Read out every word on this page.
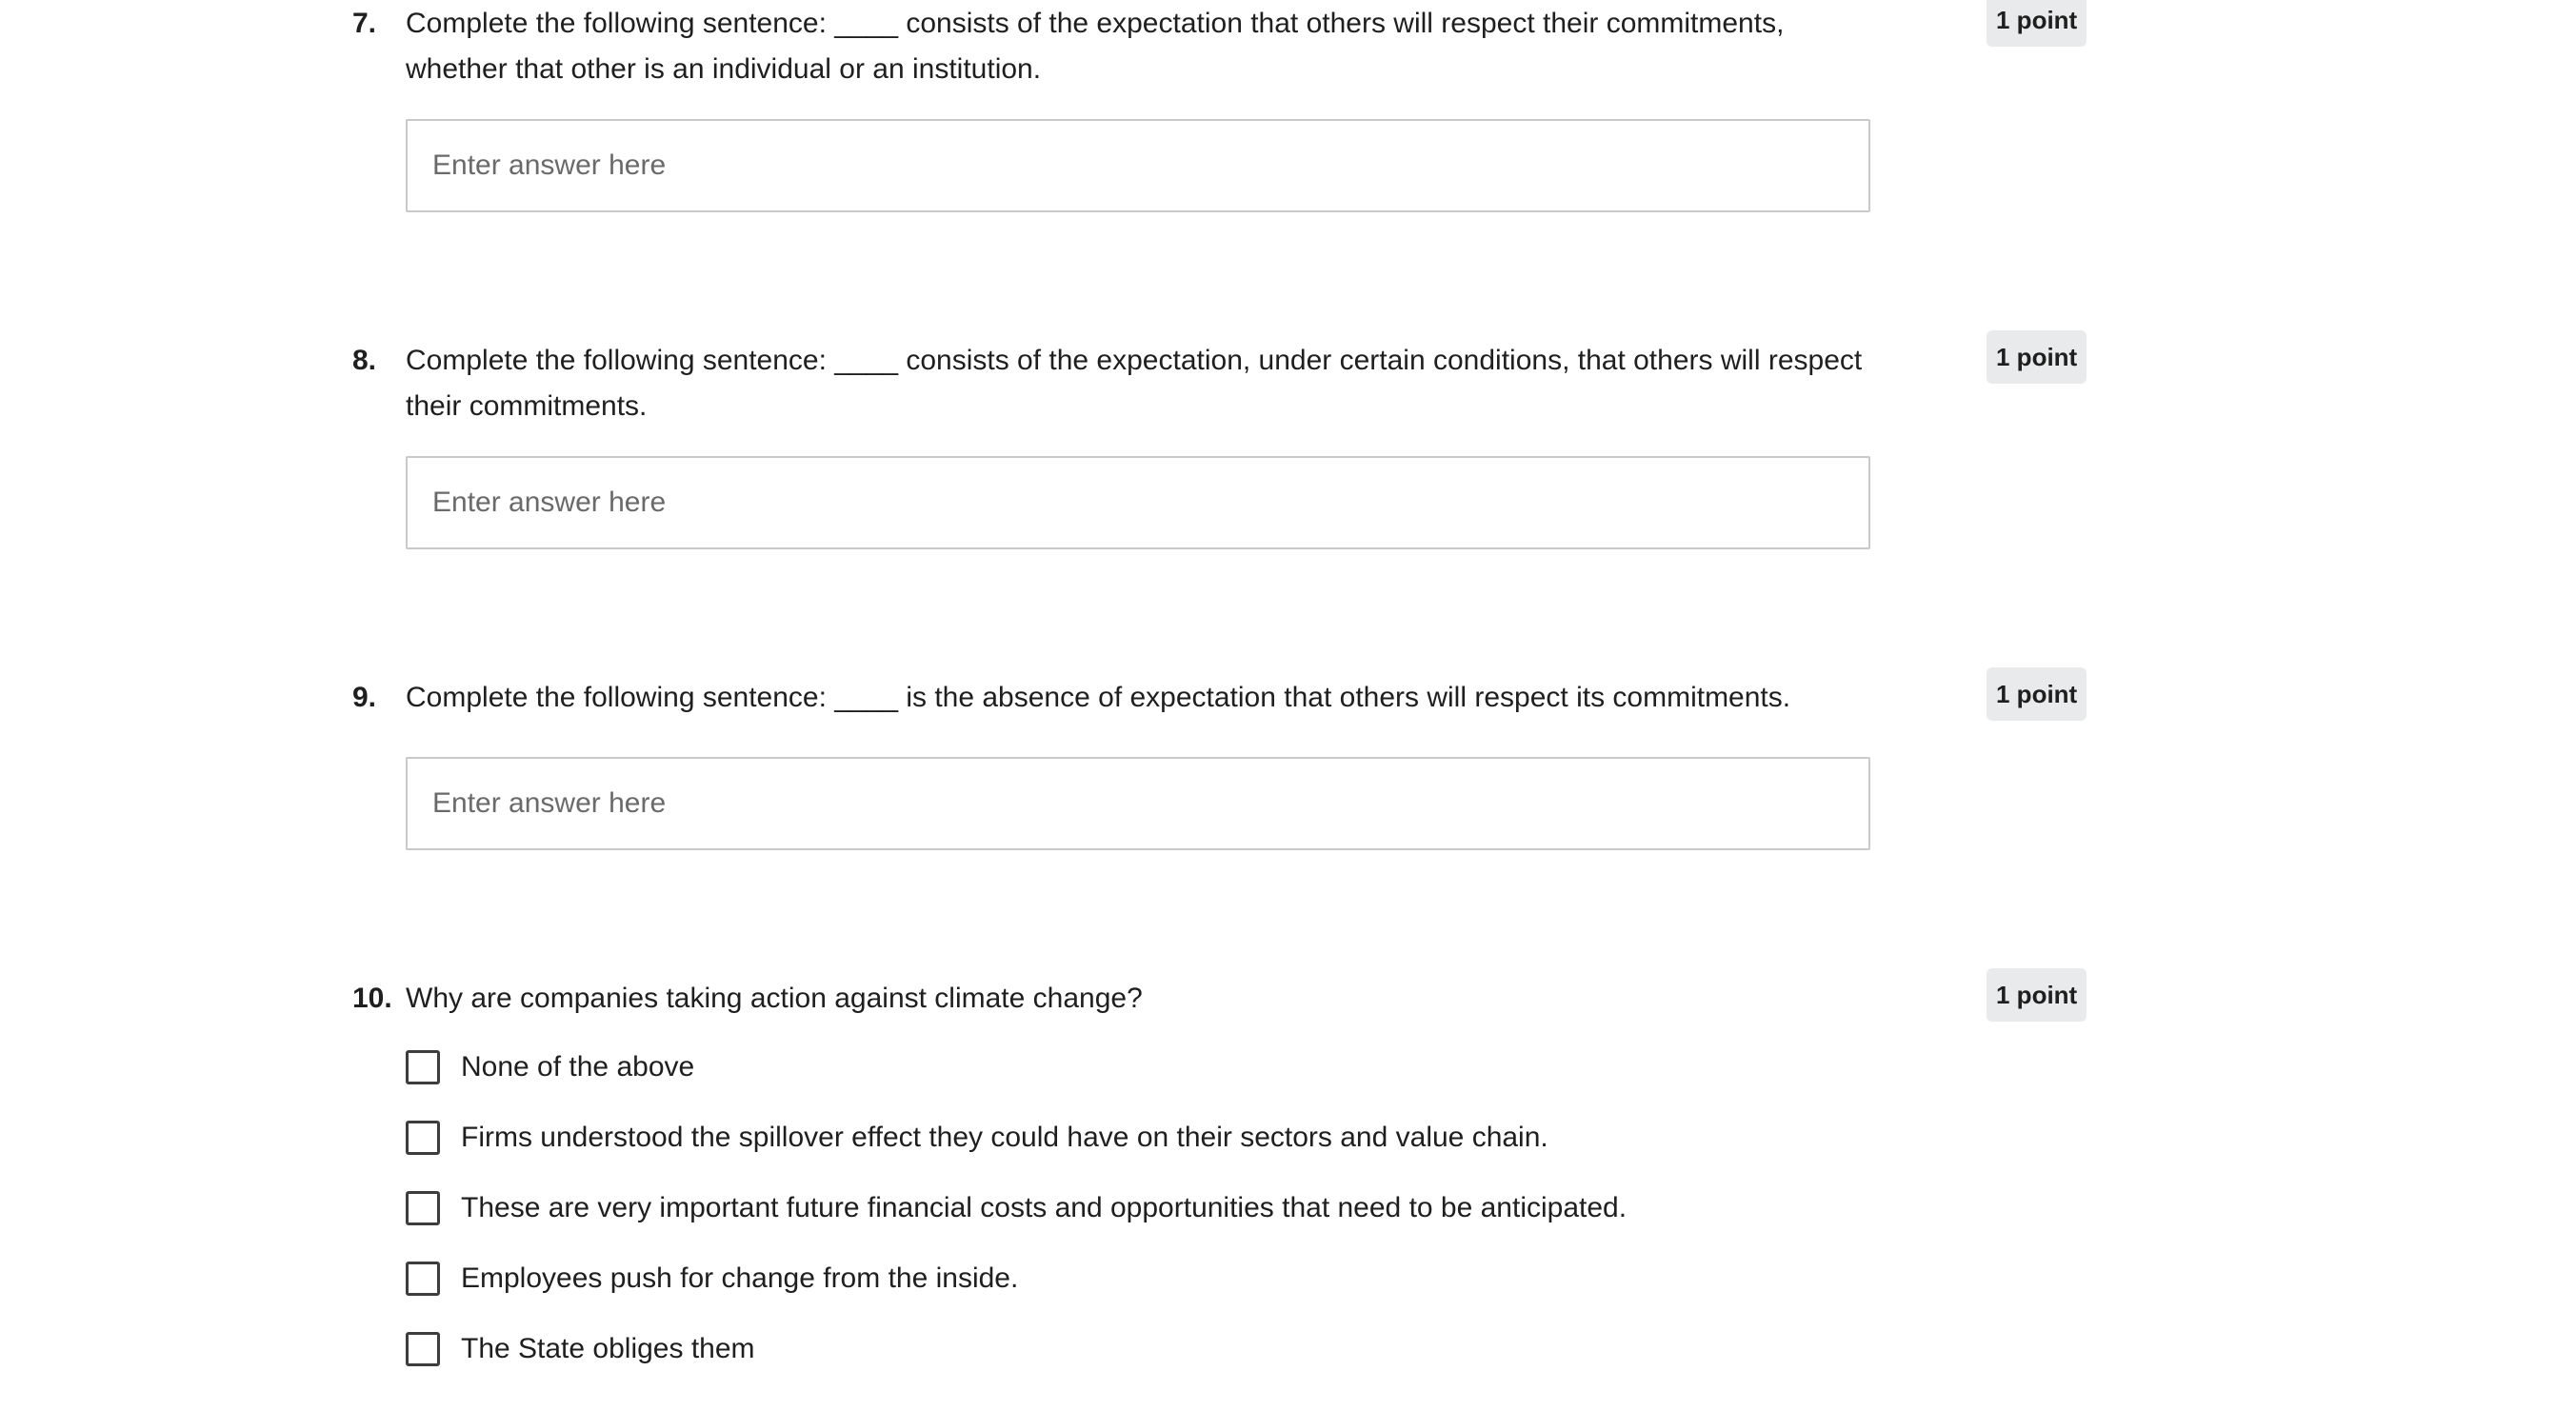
7. Complete the following sentence: ____ consists of the expectation that others will respect their commitments, whether that other is an individual or an institution.
1 point
Enter answer here
8. Complete the following sentence: ____ consists of the expectation, under certain conditions, that others will respect their commitments.
1 point
Enter answer here
9. Complete the following sentence: ____ is the absence of expectation that others will respect its commitments.	1 point
Enter answer here
10. Why are companies taking action against climate change?	1 point
None of the above
Firms understood the spillover effect they could have on their sectors and value chain.
These are very important future financial costs and opportunities that need to be anticipated.
Employees push for change from the inside.
The State obliges them
